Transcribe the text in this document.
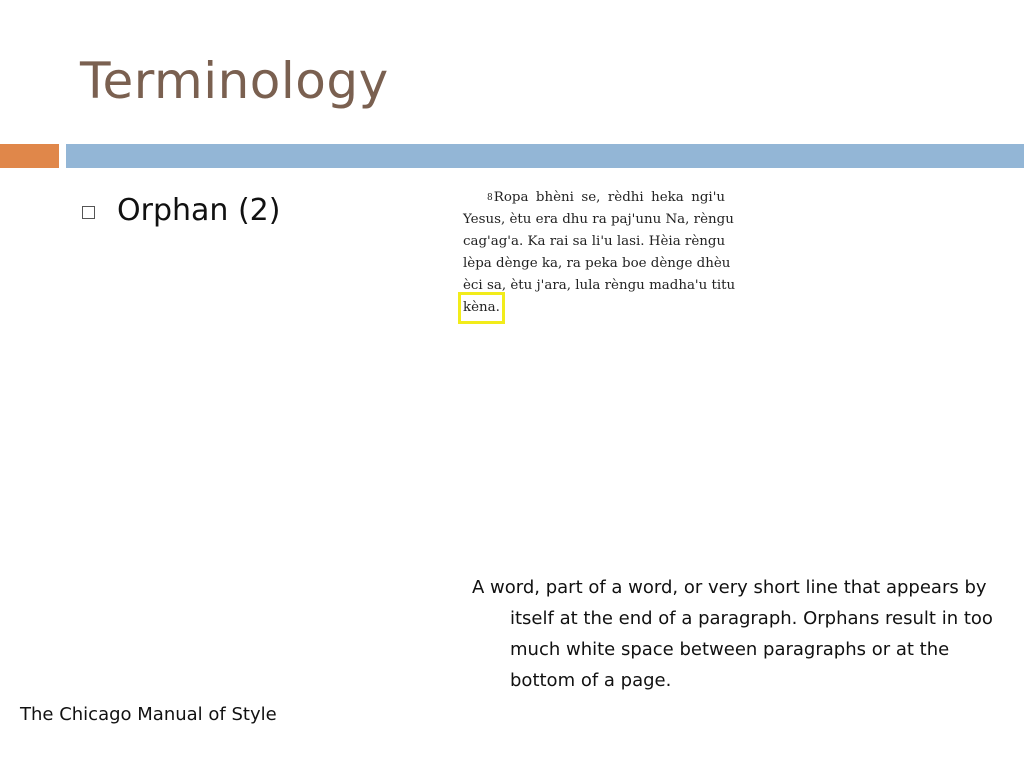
Terminology
Orphan (2)	$^8$Ropa bhèni se, rèdhi heka ngi'u
Yesus, ètu era dhu ra paj'unu Na, rèngu
cag'ag'a. Ka rai sa li'u lasi. Hèia rèngu
lèpa dènge ka, ra peka boe dènge dhèu
èci sa, ètu j'ara, lula rèngu madha'u titu
kèna.
A word, part of a word, or very short line that appears by itself at the end of a paragraph. Orphans result in too much white space between paragraphs or at the bottom of a page.
The Chicago Manual of Style
